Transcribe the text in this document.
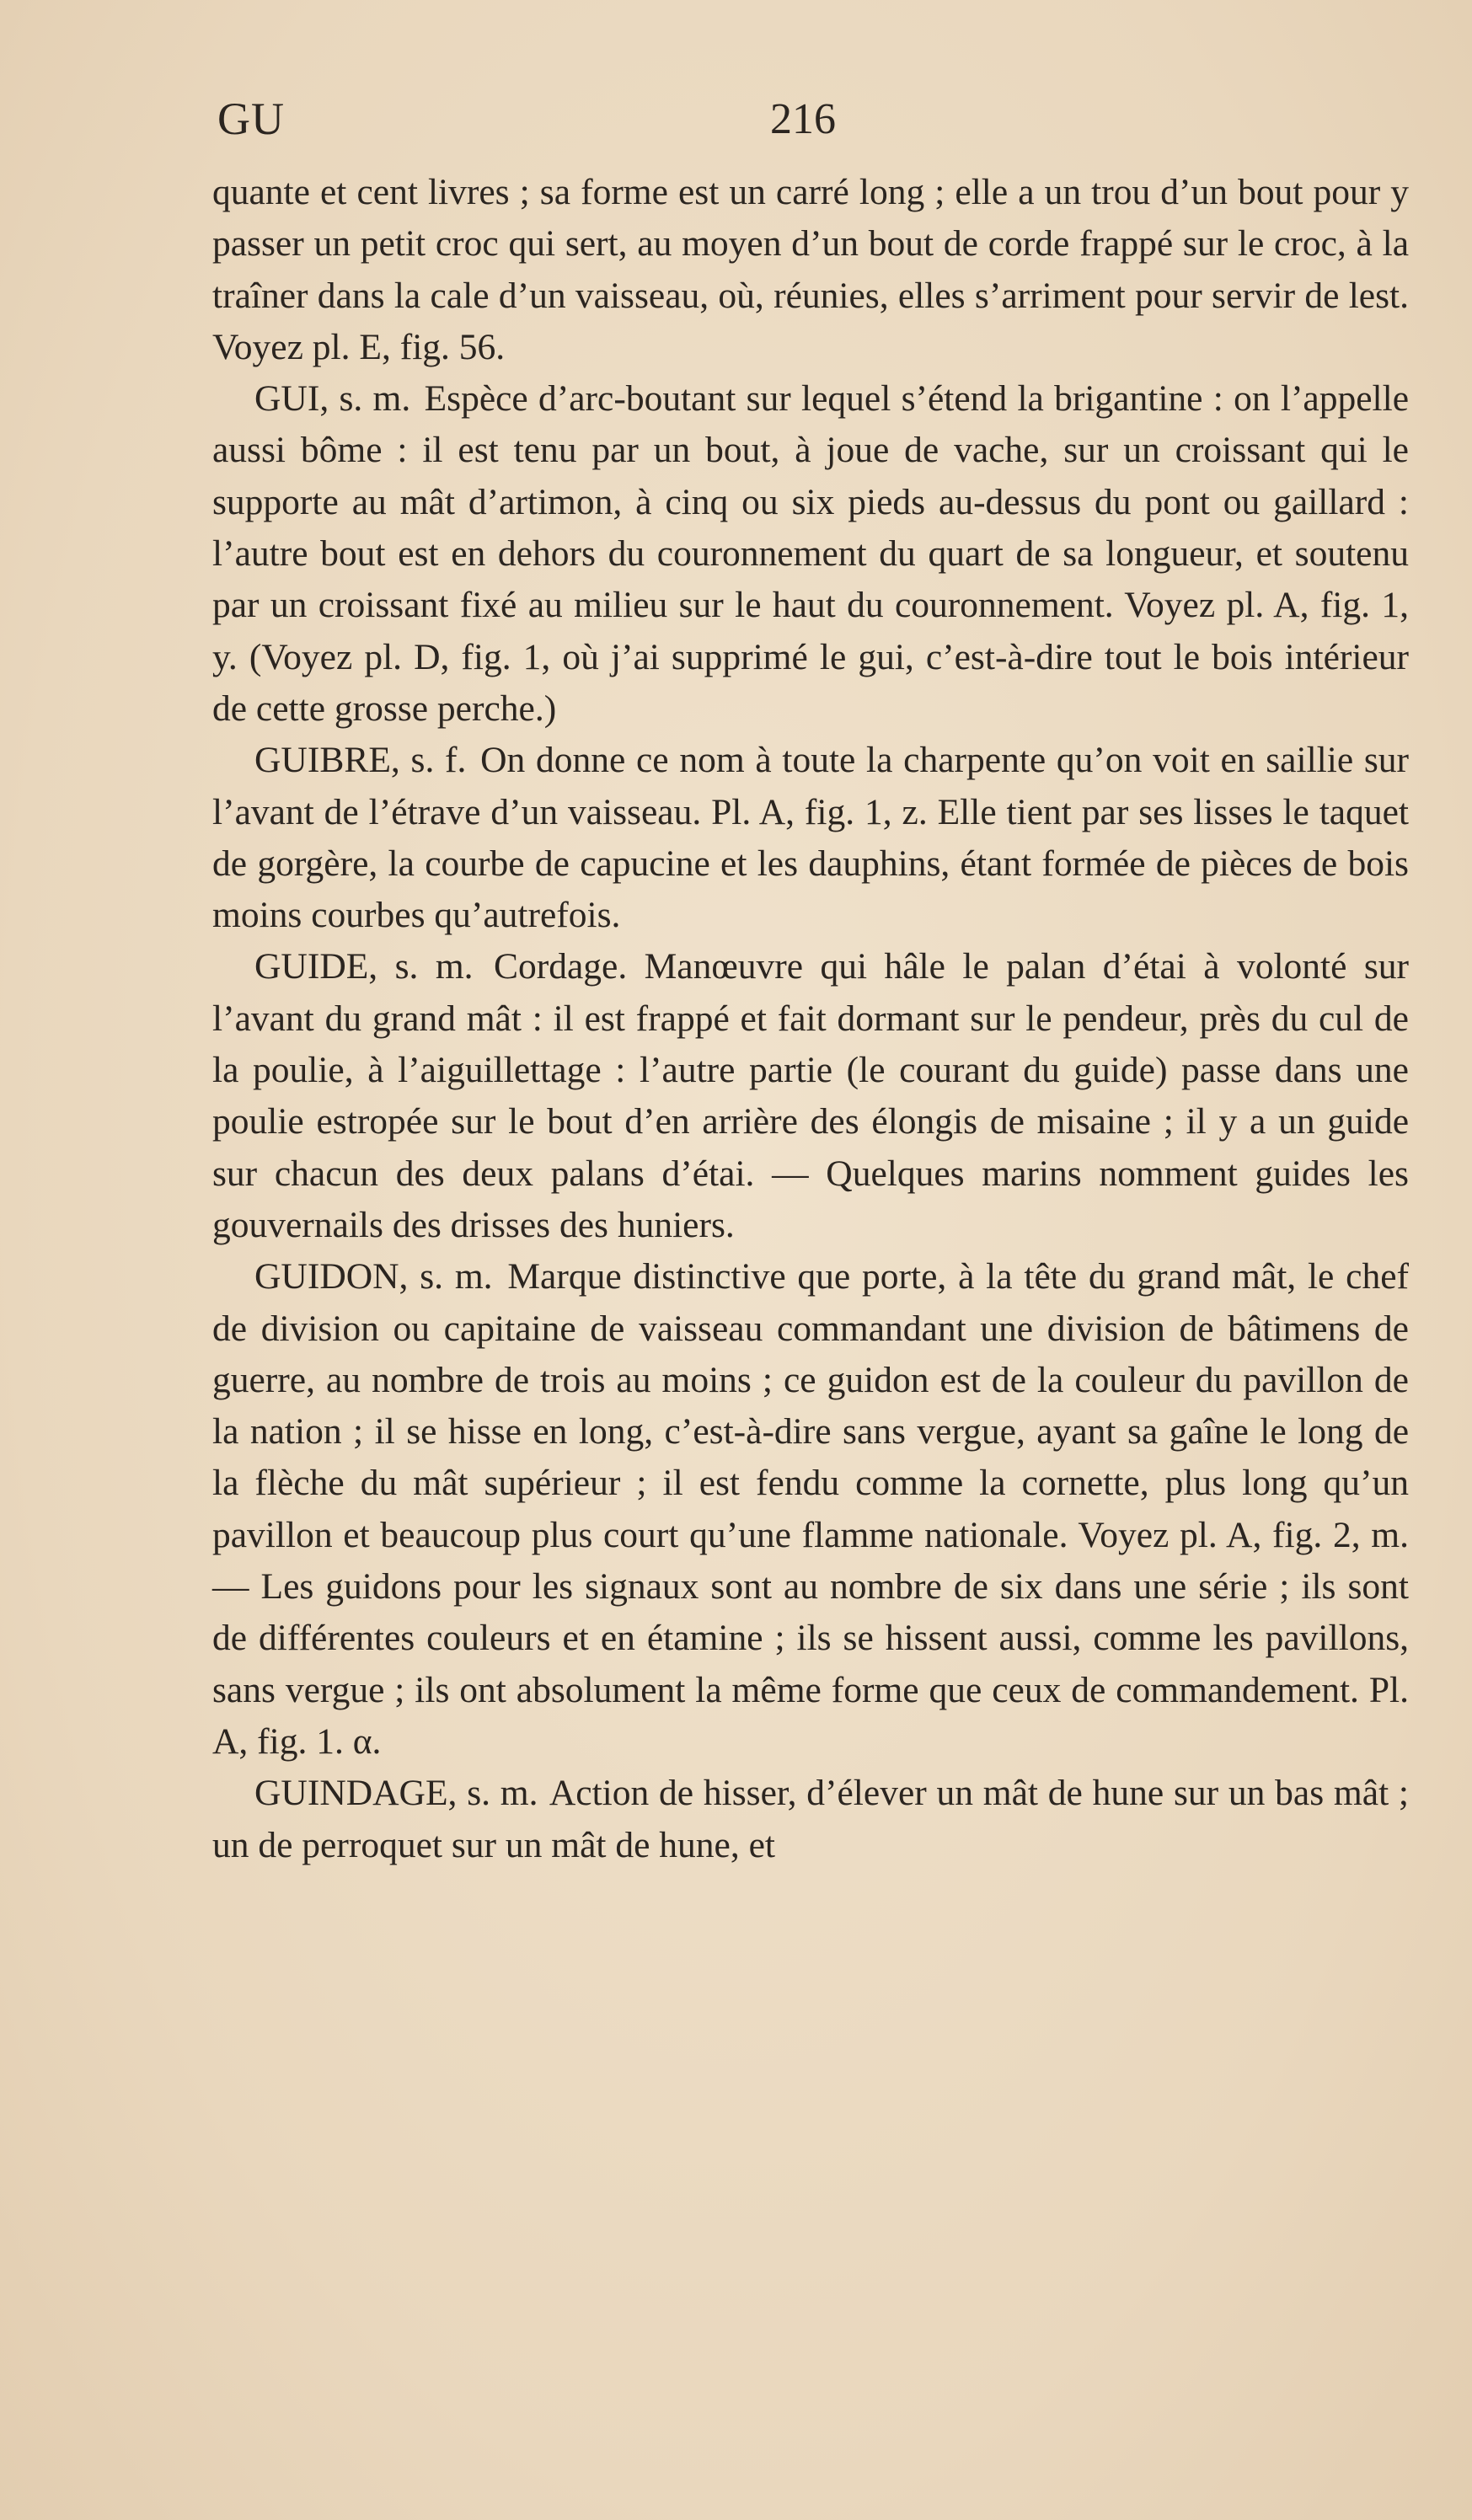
GU	216

quante et cent livres ; sa forme est un carré long ; elle a un trou d’un bout pour y passer un petit croc qui sert, au moyen d’un bout de corde frappé sur le croc, à la traîner dans la cale d’un vaisseau, où, réunies, elles s’arriment pour servir de lest. Voyez pl. E, fig. 56.

GUI, s. m. Espèce d’arc-boutant sur lequel s’étend la brigantine : on l’appelle aussi bôme : il est tenu par un bout, à joue de vache, sur un croissant qui le supporte au mât d’artimon, à cinq ou six pieds au-dessus du pont ou gaillard : l’autre bout est en dehors du couronnement du quart de sa longueur, et soutenu par un croissant fixé au milieu sur le haut du couronnement. Voyez pl. A, fig. 1, y. (Voyez pl. D, fig. 1, où j’ai supprimé le gui, c’est-à-dire tout le bois intérieur de cette grosse perche.)

GUIBRE, s. f. On donne ce nom à toute la charpente qu’on voit en saillie sur l’avant de l’étrave d’un vaisseau. Pl. A, fig. 1, z. Elle tient par ses lisses le taquet de gorgère, la courbe de capucine et les dauphins, étant formée de pièces de bois moins courbes qu’autrefois.

GUIDE, s. m. Cordage. Manœuvre qui hâle le palan d’étai à volonté sur l’avant du grand mât : il est frappé et fait dormant sur le pendeur, près du cul de la poulie, à l’aiguillettage : l’autre partie (le courant du guide) passe dans une poulie estropée sur le bout d’en arrière des élongis de misaine ; il y a un guide sur chacun des deux palans d’étai. — Quelques marins nomment guides les gouvernails des drisses des huniers.

GUIDON, s. m. Marque distinctive que porte, à la tête du grand mât, le chef de division ou capitaine de vaisseau commandant une division de bâtimens de guerre, au nombre de trois au moins ; ce guidon est de la couleur du pavillon de la nation ; il se hisse en long, c’est-à-dire sans vergue, ayant sa gaîne le long de la flèche du mât supérieur ; il est fendu comme la cornette, plus long qu’un pavillon et beaucoup plus court qu’une flamme nationale. Voyez pl. A, fig. 2, m. — Les guidons pour les signaux sont au nombre de six dans une série ; ils sont de différentes couleurs et en étamine ; ils se hissent aussi, comme les pavillons, sans vergue ; ils ont absolument la même forme que ceux de commandement. Pl. A, fig. 1. α.

GUINDAGE, s. m. Action de hisser, d’élever un mât de hune sur un bas mât ; un de perroquet sur un mât de hune, et
